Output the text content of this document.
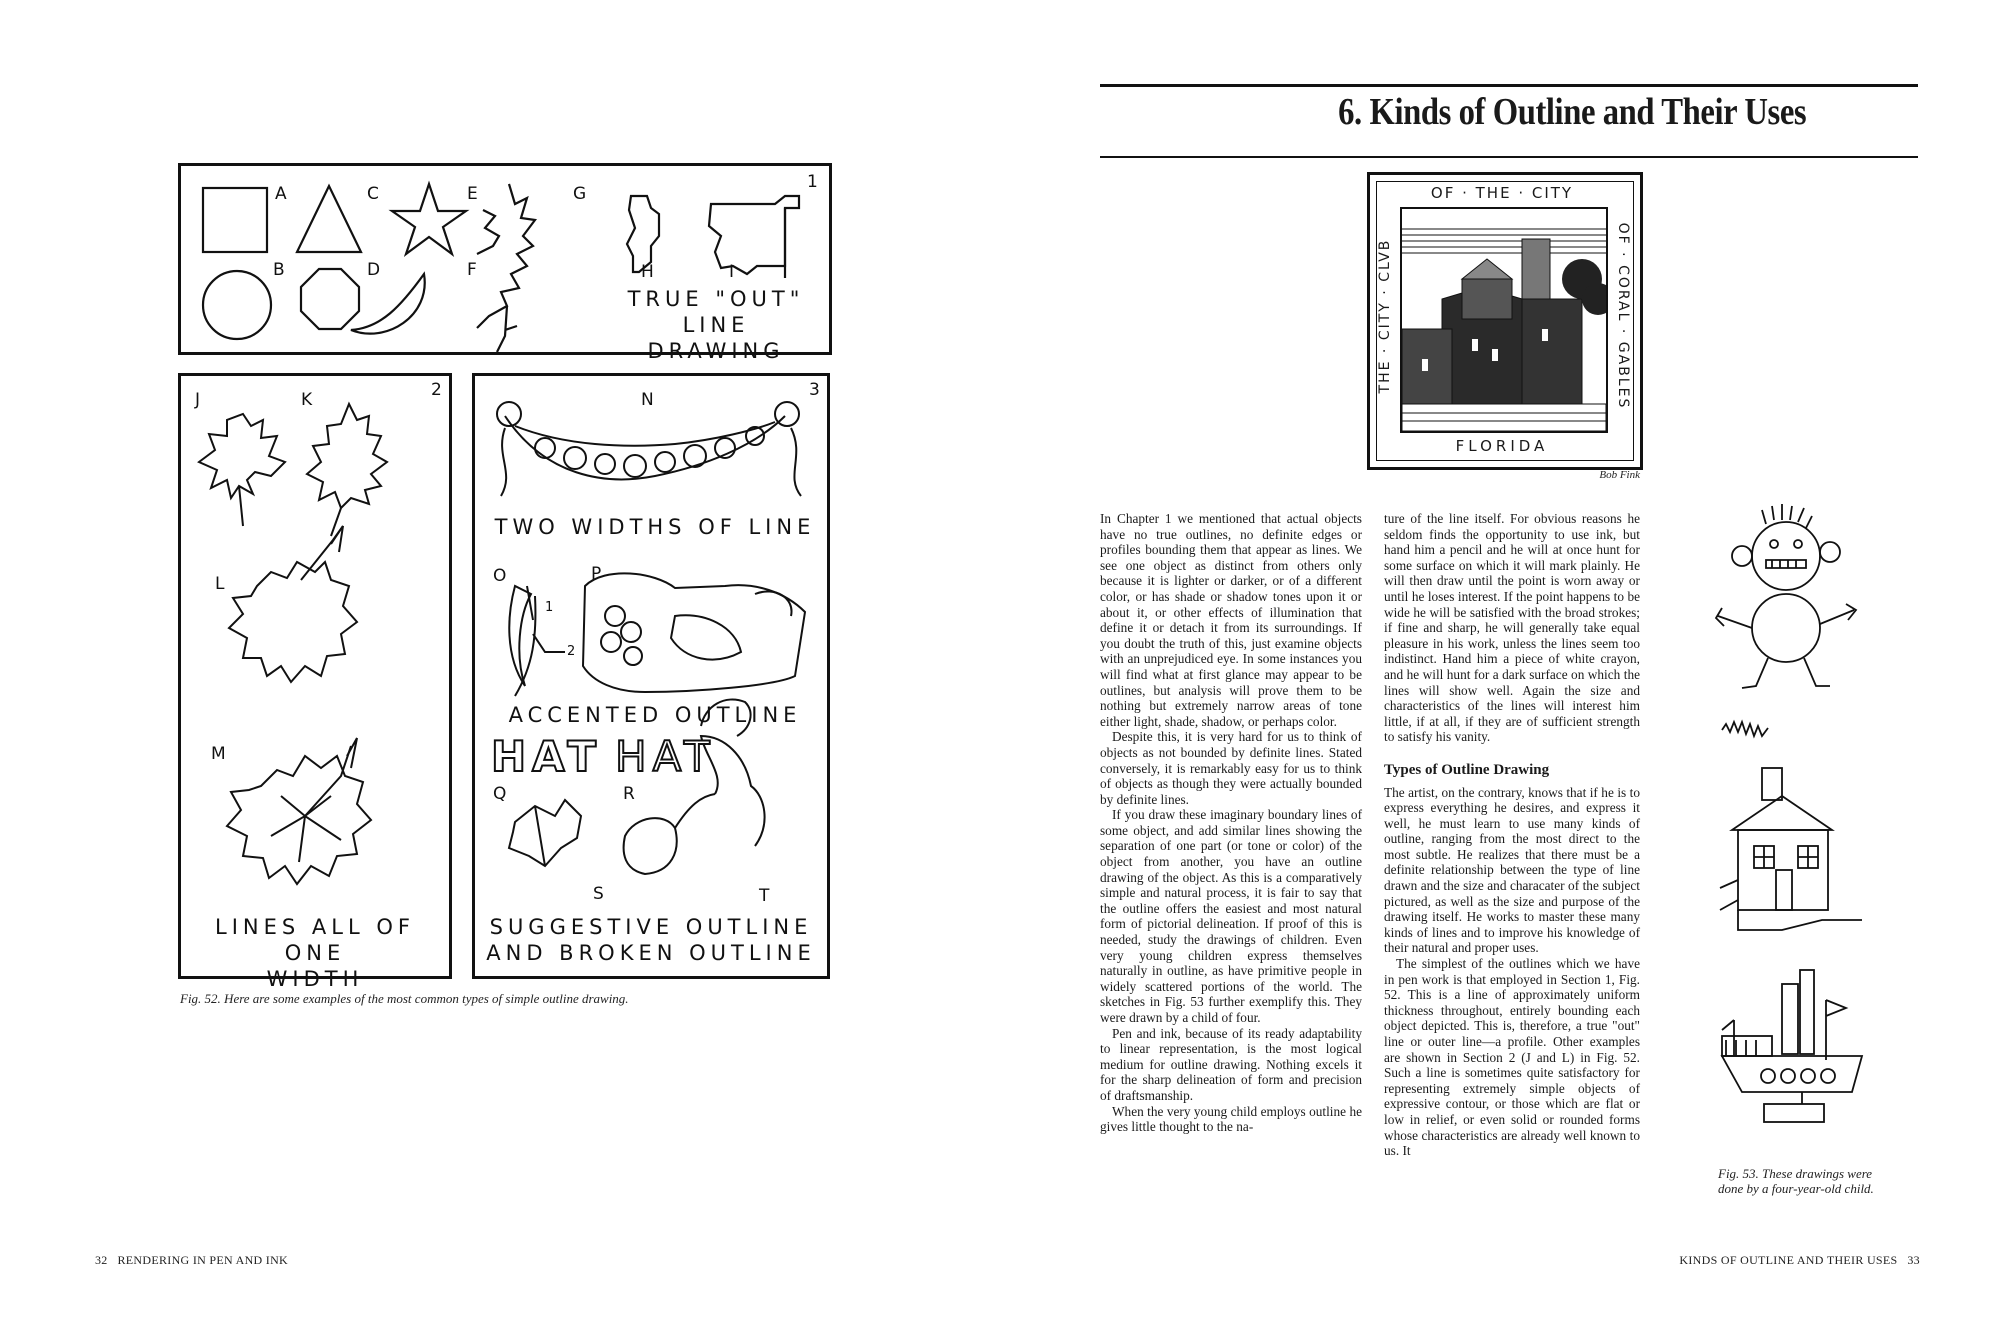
A
B
C
D
E
F
G
H	I
1
TRUE "OUT" LINE
DRAWING
J	K
L
M
2
LINES ALL OF ONE
WIDTH
N	3
TWO WIDTHS OF LINE
O	P
1
2
ACCENTED OUTLINE
HAT HAT
Q	R
S	T
SUGGESTIVE OUTLINE
AND BROKEN OUTLINE
Fig. 52. Here are some examples of the most common types of simple outline drawing.
32   RENDERING IN PEN AND INK
6. Kinds of Outline and Their Uses
OF · THE · CITY
FLORIDA
THE · CITY · CLVB	OF · CORAL · GABLES
Bob Fink

In Chapter 1 we mentioned that actual objects have no true outlines, no definite edges or profiles bounding them that appear as lines. We see one object as distinct from others only because it is lighter or darker, or of a different color, or has shade or shadow tones upon it or about it, or other effects of illumination that define it or detach it from its surroundings. If you doubt the truth of this, just examine objects with an unprejudiced eye. In some instances you will find what at first glance may appear to be outlines, but analysis will prove them to be nothing but extremely narrow areas of tone either light, shade, shadow, or perhaps color.

Despite this, it is very hard for us to think of objects as not bounded by definite lines. Stated conversely, it is remarkably easy for us to think of objects as though they were actually bounded by definite lines.

If you draw these imaginary boundary lines of some object, and add similar lines showing the separation of one part (or tone or color) of the object from another, you have an outline drawing of the object. As this is a comparatively simple and natural process, it is fair to say that the outline offers the easiest and most natural form of pictorial delineation. If proof of this is needed, study the drawings of children. Even very young children express themselves naturally in outline, as have primitive people in widely scattered portions of the world. The sketches in Fig. 53 further exemplify this. They were drawn by a child of four.

Pen and ink, because of its ready adaptability to linear representation, is the most logical medium for outline drawing. Nothing excels it for the sharp delineation of form and precision of draftsmanship.

When the very young child employs outline he gives little thought to the na-

ture of the line itself. For obvious reasons he seldom finds the opportunity to use ink, but hand him a pencil and he will at once hunt for some surface on which it will mark plainly. He will then draw until the point is worn away or until he loses interest. If the point happens to be wide he will be satisfied with the broad strokes; if fine and sharp, he will generally take equal pleasure in his work, unless the lines seem too indistinct. Hand him a piece of white crayon, and he will hunt for a dark surface on which the lines will show well. Again the size and characteristics of the lines will interest him little, if at all, if they are of sufficient strength to satisfy his vanity.

Types of Outline Drawing

The artist, on the contrary, knows that if he is to express everything he desires, and express it well, he must learn to use many kinds of outline, ranging from the most direct to the most subtle. He realizes that there must be a definite relationship between the type of line drawn and the size and characater of the subject pictured, as well as the size and purpose of the drawing itself. He works to master these many kinds of lines and to improve his knowledge of their natural and proper uses.

The simplest of the outlines which we have in pen work is that employed in Section 1, Fig. 52. This is a line of approximately uniform thickness throughout, entirely bounding each object depicted. This is, therefore, a true "out" line or outer line—a profile. Other examples are shown in Section 2 (J and L) in Fig. 52. Such a line is sometimes quite satisfactory for representing extremely simple objects of expressive contour, or those which are flat or low in relief, or even solid or rounded forms whose characteristics are already well known to us. It

Fig. 53. These drawings were done by a four-year-old child.
KINDS OF OUTLINE AND THEIR USES   33
